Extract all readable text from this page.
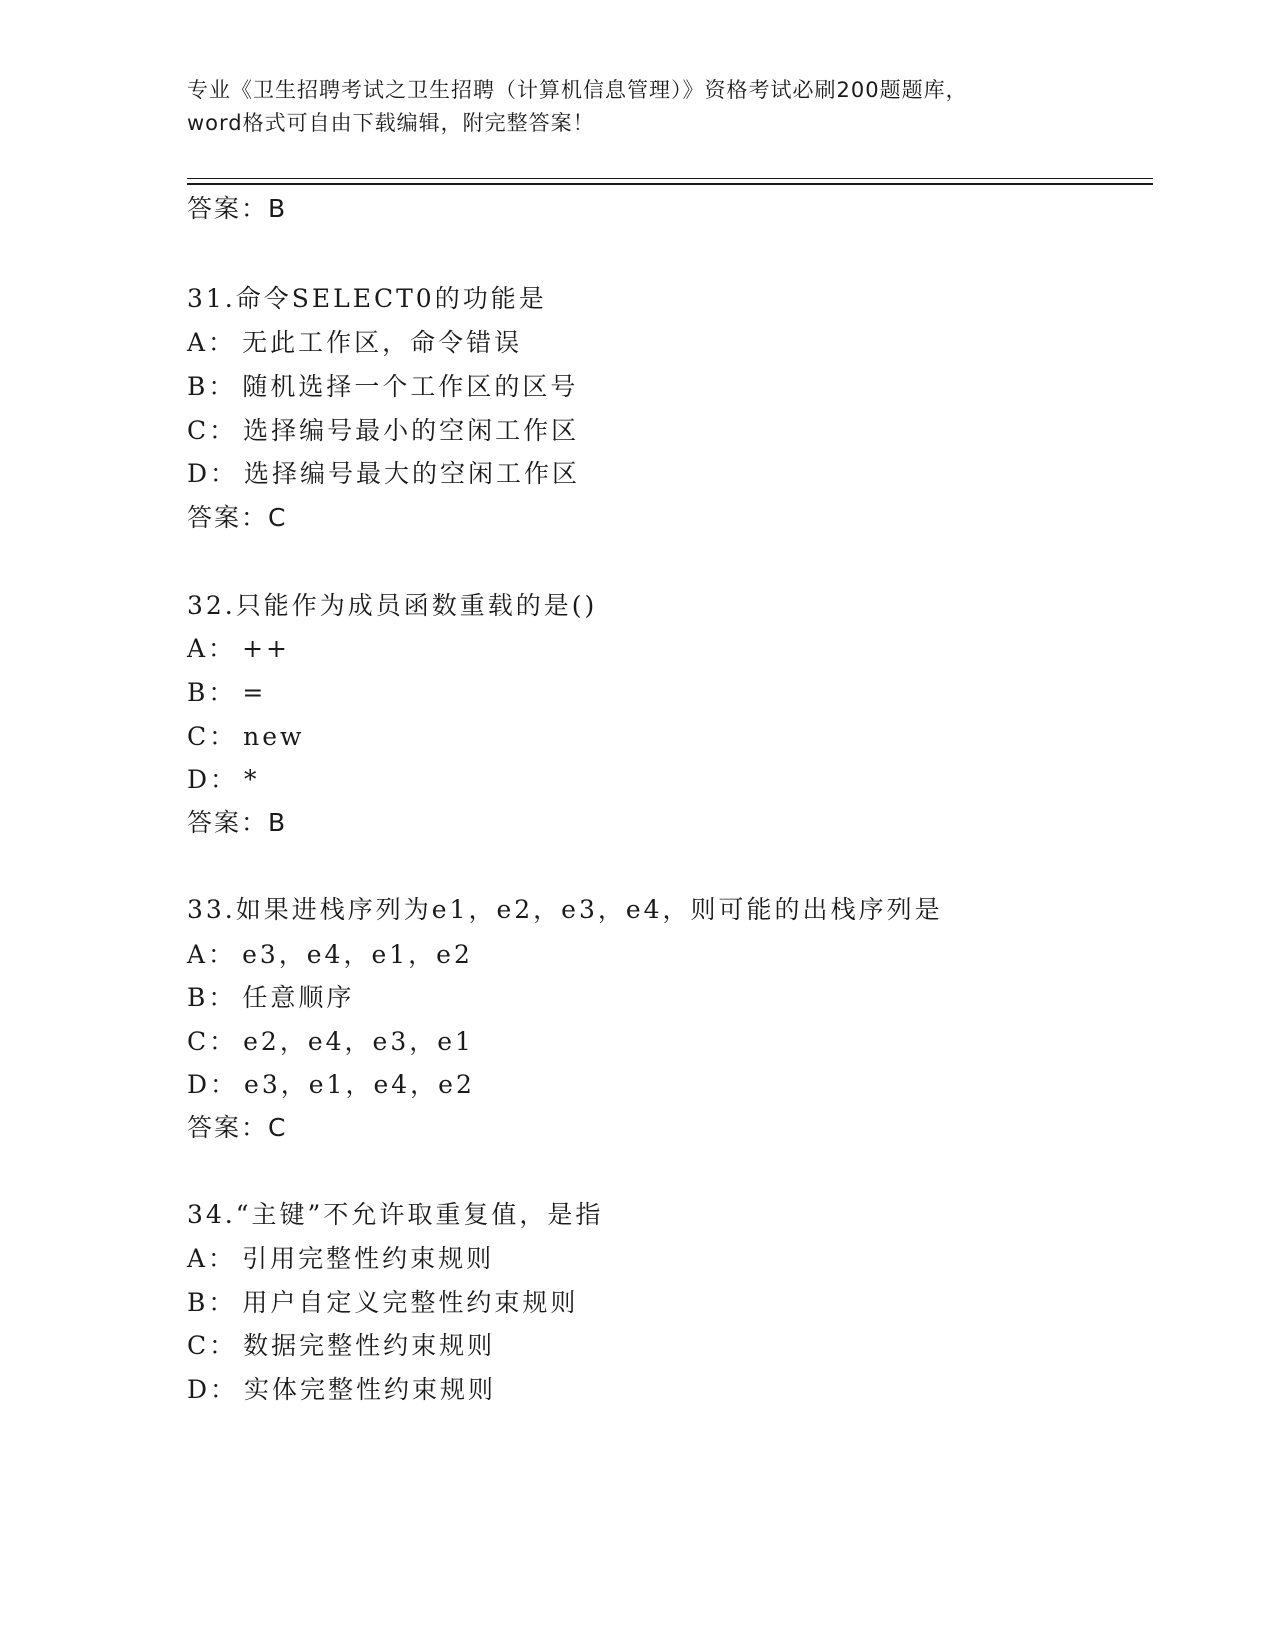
专业《卫生招聘考试之卫生招聘（计算机信息管理）》资格考试必刷200题题库，
word格式可自由下载编辑，附完整答案！
答案：B
31.命令SELECT0的功能是
A： 无此工作区，命令错误
B： 随机选择一个工作区的区号
C： 选择编号最小的空闲工作区
D： 选择编号最大的空闲工作区
答案：C
32.只能作为成员函数重载的是()
A： ++
B： =
C： new
D： *
答案：B
33.如果进栈序列为e1，e2，e3，e4，则可能的出栈序列是
A： e3，e4，e1，e2
B： 任意顺序
C： e2，e4，e3，e1
D： e3，e1，e4，e2
答案：C
34.“主键”不允许取重复值，是指
A： 引用完整性约束规则
B： 用户自定义完整性约束规则
C： 数据完整性约束规则
D： 实体完整性约束规则
